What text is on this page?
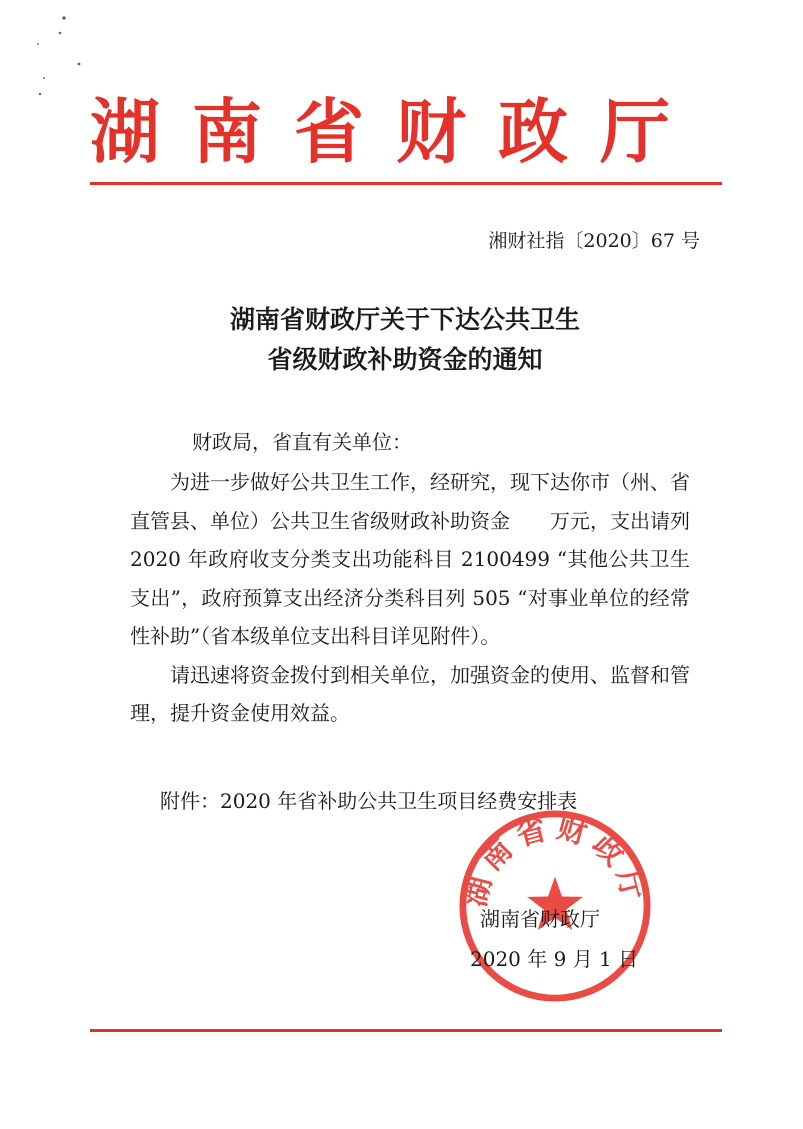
湖南省财政厅
湘财社指〔2020〕67 号
湖南省财政厅关于下达公共卫生
省级财政补助资金的通知
财政局，省直有关单位：

为进一步做好公共卫生工作，经研究，现下达你市（州、省直管县、单位）公共卫生省级财政补助资金　　万元，支出请列 2020 年政府收支分类支出功能科目 2100499 “其他公共卫生支出”，政府预算支出经济分类科目列 505 “对事业单位的经常性补助”（省本级单位支出科目详见附件）。

请迅速将资金拨付到相关单位，加强资金的使用、监督和管理，提升资金使用效益。

附件：2020 年省补助公共卫生项目经费安排表
湖南省财政厅
湖南省财政厅
2020 年 9 月 1 日
